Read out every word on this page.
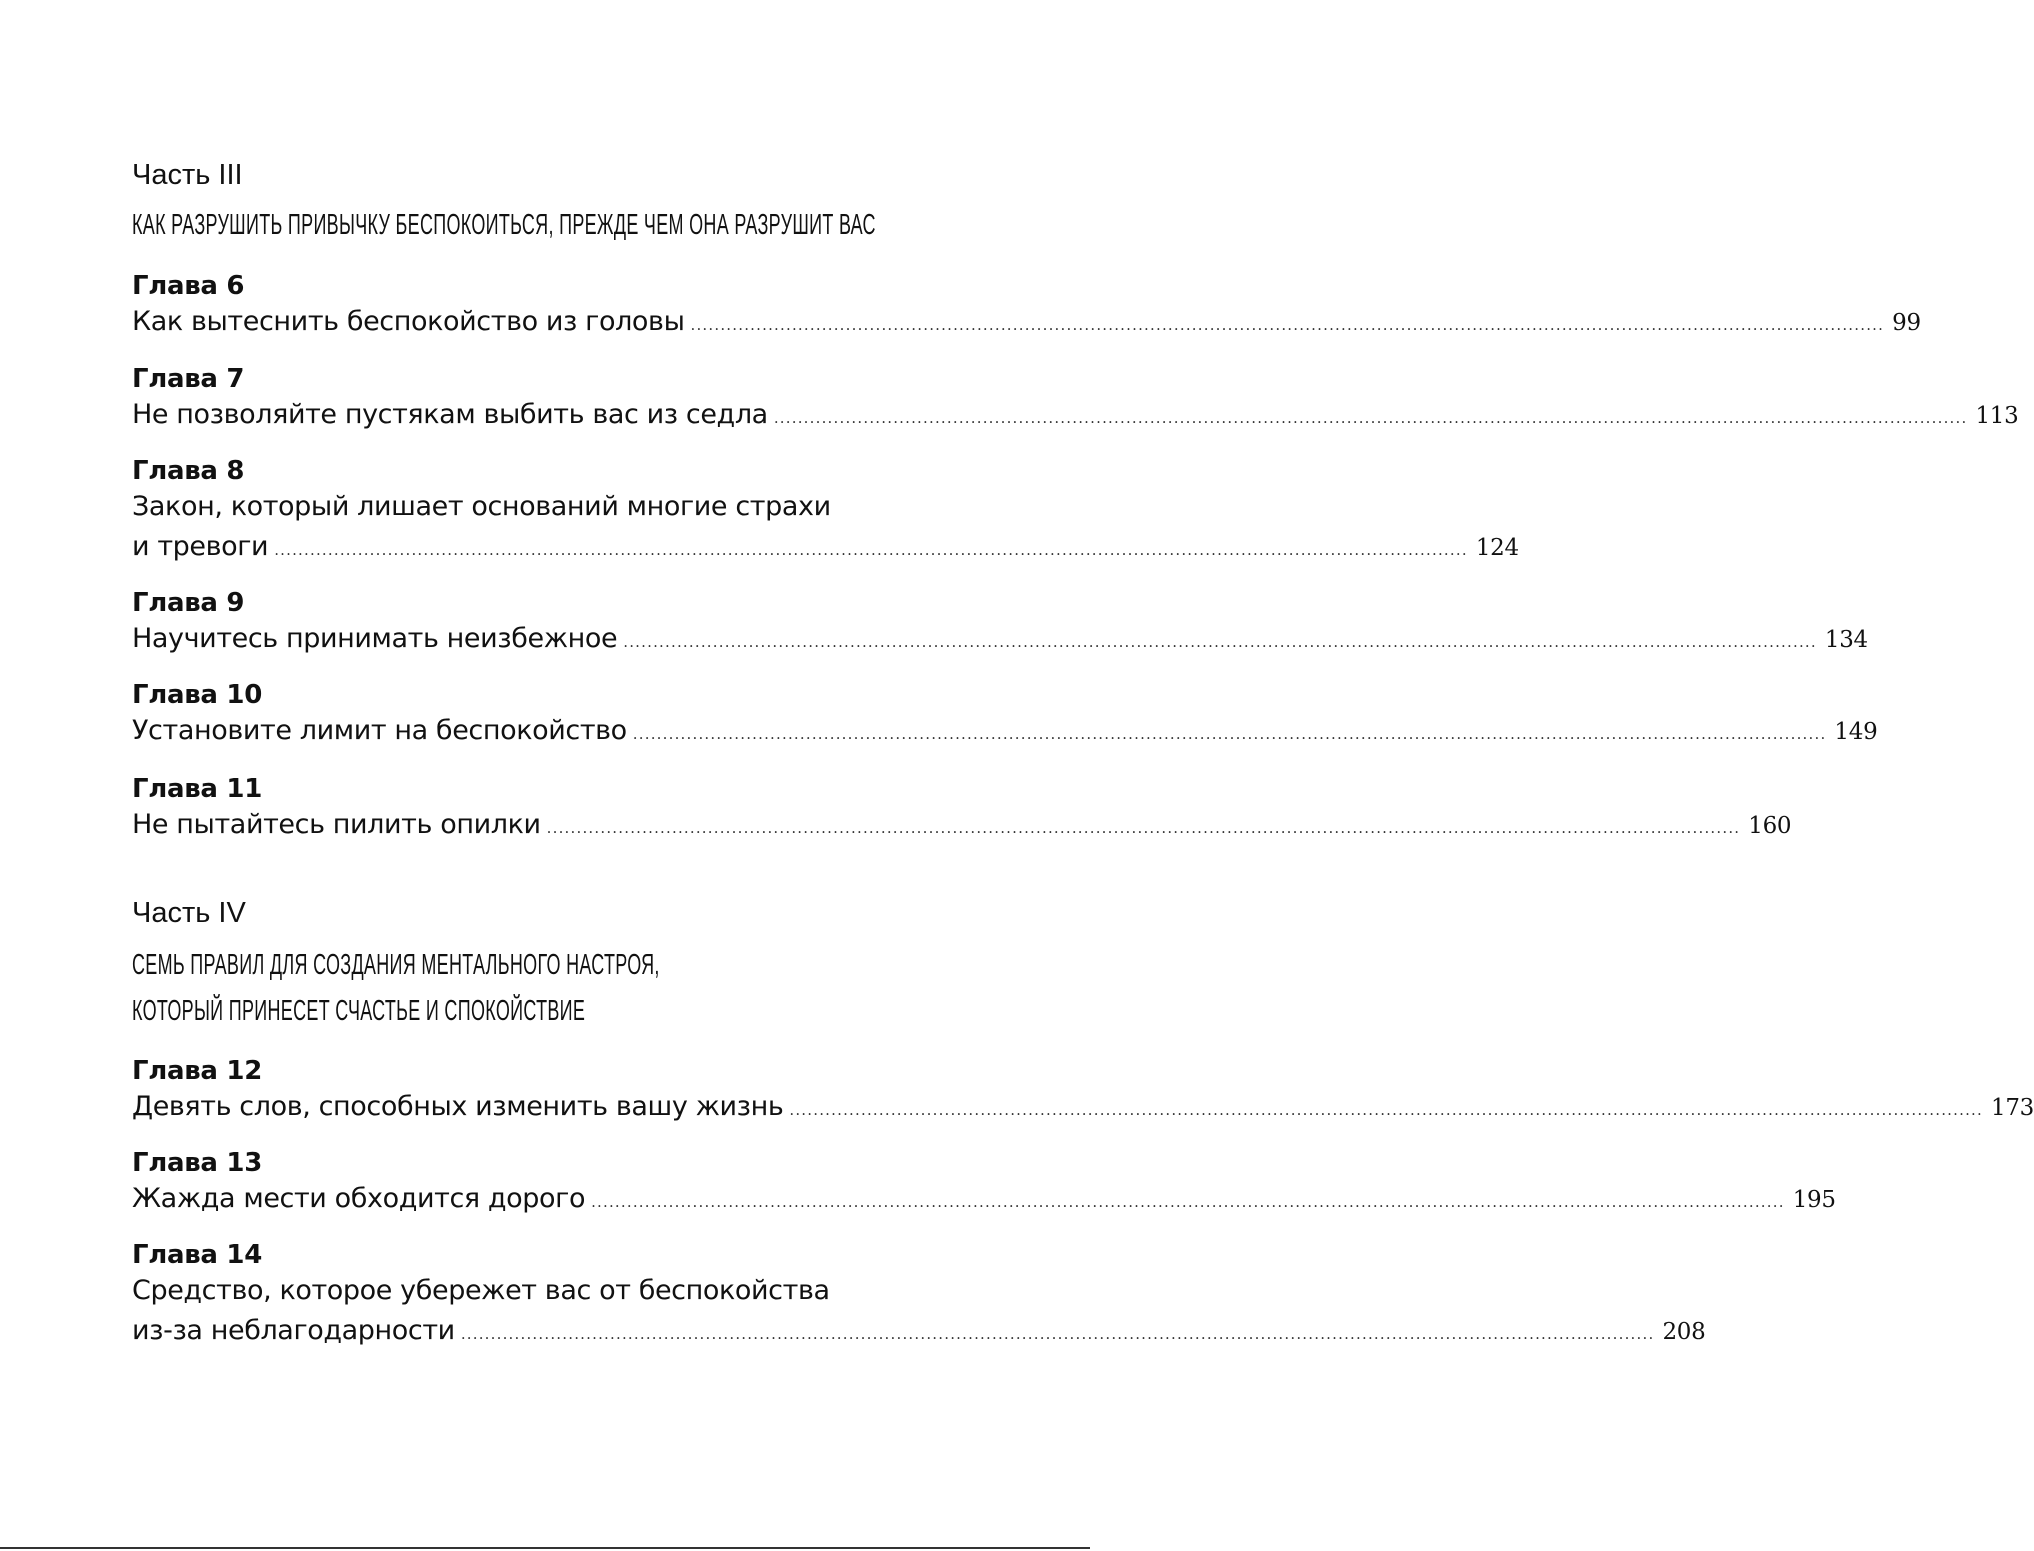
Часть III
КАК РАЗРУШИТЬ ПРИВЫЧКУ БЕСПОКОИТЬСЯ, ПРЕЖДЕ ЧЕМ ОНА РАЗРУШИТ ВАС
Глава 6
Как вытеснить беспокойство из головы ........................................................................................................................................................................................................ 99
Глава 7
Не позволяйте пустякам выбить вас из седла ........................................................................................................................................................................................................ 113
Глава 8
Закон, который лишает оснований многие страхи
и тревоги ........................................................................................................................................................................................................ 124
Глава 9
Научитесь принимать неизбежное ........................................................................................................................................................................................................ 134
Глава 10
Установите лимит на беспокойство ........................................................................................................................................................................................................ 149
Глава 11
Не пытайтесь пилить опилки ........................................................................................................................................................................................................ 160
Часть IV
СЕМЬ ПРАВИЛ ДЛЯ СОЗДАНИЯ МЕНТАЛЬНОГО НАСТРОЯ,
КОТОРЫЙ ПРИНЕСЕТ СЧАСТЬЕ И СПОКОЙСТВИЕ
Глава 12
Девять слов, способных изменить вашу жизнь ........................................................................................................................................................................................................ 173
Глава 13
Жажда мести обходится дорого ........................................................................................................................................................................................................ 195
Глава 14
Средство, которое убережет вас от беспокойства
из-за неблагодарности ........................................................................................................................................................................................................ 208
